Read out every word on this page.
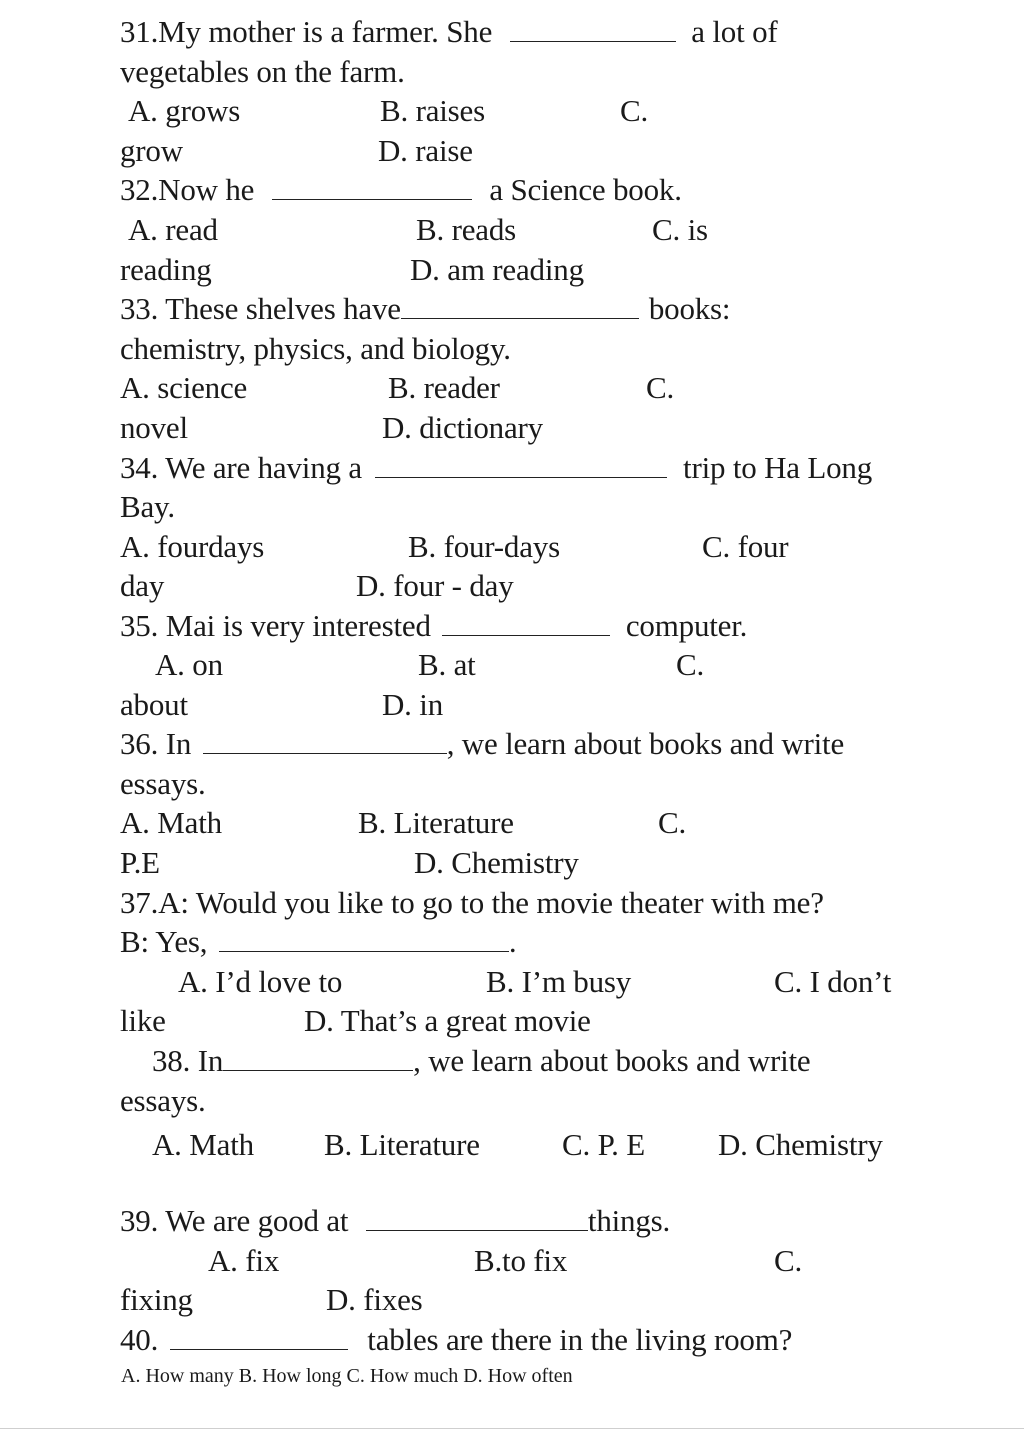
31.My mother is a farmer. She	a lot of
vegetables on the farm.
A. grows	B. raises	C.
grow	D. raise
32.Now he	a Science book.
A. read	B. reads	C. is
reading	D. am reading
33. These shelves have	books:
chemistry, physics, and biology.
A. science	B. reader	C.
novel	D. dictionary
34. We are having a	trip to Ha Long
Bay.
A. fourdays	B. four-days	C. four
day	D. four - day
35. Mai is very interested	computer.
A. on	B. at	C.
about	D. in
36. In	, we learn about books and write
essays.
A. Math	B. Literature	C.
P.E	D. Chemistry
37.A: Would you like to go to the movie theater with me?
B: Yes,	.
A. I’d love to	B. I’m busy	C. I don’t
like	D. That’s a great movie
38. In	, we learn about books and write
essays.
A. Math B. Literature	C. P. E D. Chemistry
39. We are good at	things.
A. fix	B.to fix	C.
fixing	D. fixes
40.	tables are there in the living room?
A. How many B. How long C. How much D. How often
